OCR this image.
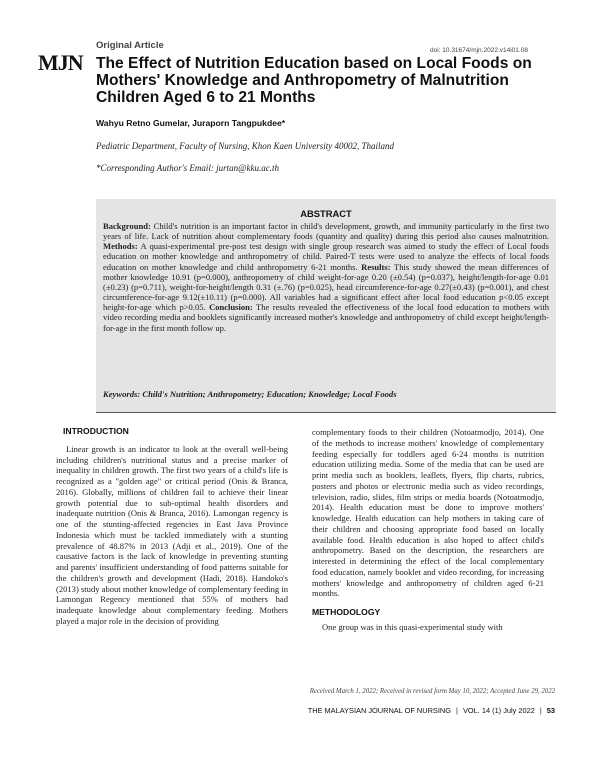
MJN
Original Article	doi: 10.31674/mjn.2022.v14i01.08
The Effect of Nutrition Education based on Local Foods on Mothers' Knowledge and Anthropometry of Malnutrition Children Aged 6 to 21 Months
Wahyu Retno Gumelar, Juraporn Tangpukdee*
Pediatric Department, Faculty of Nursing, Khon Kaen University 40002, Thailand
*Corresponding Author's Email: jurtan@kku.ac.th
ABSTRACT
Background: Child's nutrition is an important factor in child's development, growth, and immunity particularly in the first two years of life. Lack of nutrition about complementary foods (quantity and quality) during this period also causes malnutrition. Methods: A quasi-experimental pre-post test design with single group research was aimed to study the effect of Local foods education on mother knowledge and anthropometry of child. Paired-T tests were used to analyze the effects of local foods education on mother knowledge and child anthropometry 6-21 months. Results: This study showed the mean differences of mother knowledge 10.91 (p=0.000), anthropometry of child weight-for-age 0.20 (±0.54) (p=0.037), height/length-for-age 0.01 (±0.23) (p=0.711), weight-for-height/length 0.31 (±.76) (p=0.025), head circumference-for-age 0.27(±0.43) (p=0.001), and chest circumference-for-age 9.12(±10.11) (p=0.000). All variables had a significant effect after local food education p<0.05 except height-for-age which p>0.05. Conclusion: The results revealed the effectiveness of the local food education to mothers with video recording media and booklets significantly increased mother's knowledge and anthropometry of child except height/length-for-age in the first month follow up.
Keywords: Child's Nutrition; Anthropometry; Education; Knowledge; Local Foods
INTRODUCTION

Linear growth is an indicator to look at the overall well-being including children's nutritional status and a precise marker of inequality in children growth. The first two years of a child's life is recognized as a "golden age" or critical period (Onis & Branca, 2016). Globally, millions of children fail to achieve their linear growth potential due to sub-optimal health disorders and inadequate nutrition (Onis & Branca, 2016). Lamongan regency is one of the stunting-affected regencies in East Java Province Indonesia which must be tackled immediately with a stunting prevalence of 48.87% in 2013 (Adji et al., 2019). One of the causative factors is the lack of knowledge in preventing stunting and parents' insufficient understanding of food patterns suitable for the children's growth and development (Hadi, 2018). Handoko's (2013) study about mother knowledge of complementary feeding in Lamongan Regency mentioned that 55% of mothers had inadequate knowledge about complementary feeding. Mothers played a major role in the decision of providing

complementary foods to their children (Notoatmodjo, 2014). One of the methods to increase mothers' knowledge of complementary feeding especially for toddlers aged 6-24 months is nutrition education utilizing media. Some of the media that can be used are print media such as booklets, leaflets, flyers, flip charts, rubrics, posters and photos or electronic media such as video recordings, television, radio, slides, film strips or media boards (Notoatmodjo, 2014). Health education must be done to improve mothers' knowledge. Health education can help mothers in taking care of their children and choosing appropriate food based on locally available food. Health education is also hoped to affect child's anthropometry. Based on the description, the researchers are interested in determining the effect of the local complementary food education, namely booklet and video recording, for increasing mothers' knowledge and anthropometry of children aged 6-21 months.

METHODOLOGY

One group was in this quasi-experimental study with

Received March 1, 2022; Received in revised form May 10, 2022; Accepted June 29, 2022
THE MALAYSIAN JOURNAL OF NURSING | VOL. 14 (1) July 2022 | 53
